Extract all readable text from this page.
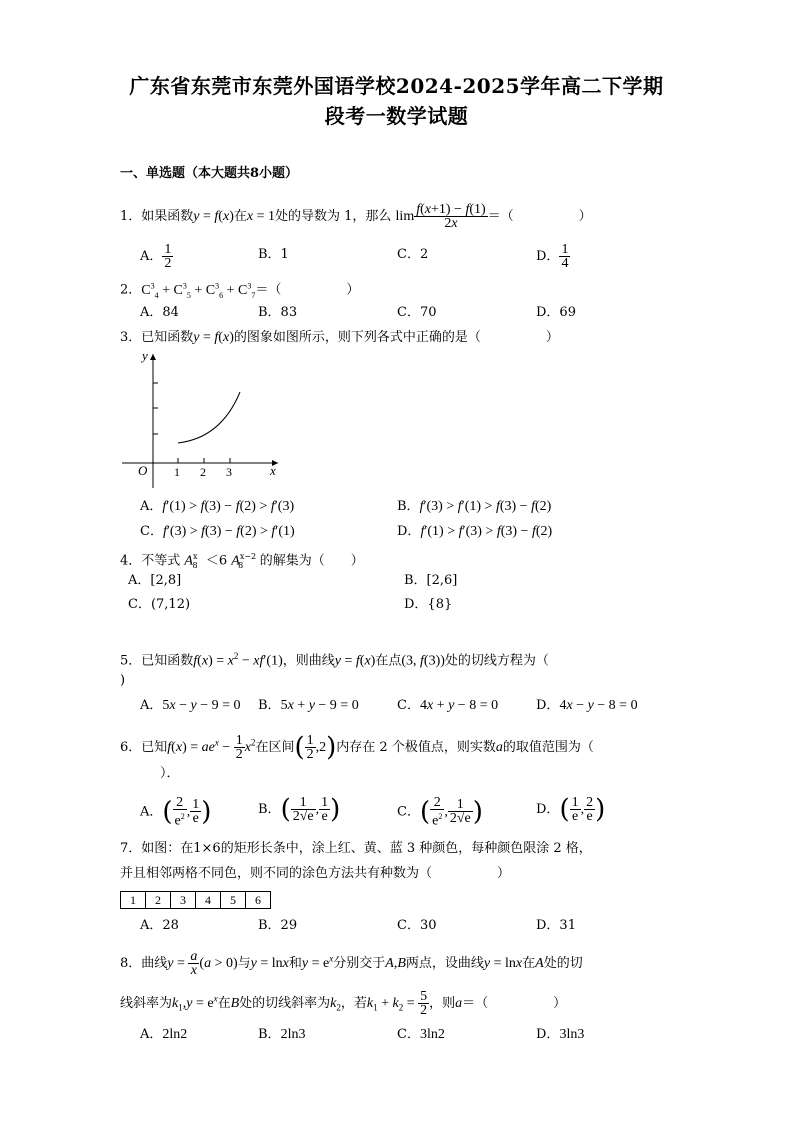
广东省东莞市东莞外国语学校2024-2025学年高二下学期
段考一数学试题
一、单选题（本大题共8小题）
1．如果函数y = f(x)在x = 1处的导数为 1，那么 $\lim \frac{f(x+1) - f(1)}{2x}$ ＝（　　　　　）
A． $\frac{1}{2}$	B．1	C．2	D． $\frac{1}{4}$
2．$C^3_4 + C^3_5 + C^3_6 + C^3_7=$（　　　　　）
A．84	B．83	C．70	D．69
3．已知函数y = f(x)的图象如图所示，则下列各式中正确的是（　　　　　）
O 1 2 3	x
y
A．f′(1) > f(3) − f(2) > f′(3)	B．f′(3) > f′(1) > f(3) − f(2)
C．f′(3) > f(3) − f(2) > f′(1)	D．f′(1) > f′(3) > f(3) − f(2)
4．不等式 $A^x_8 <6$ $A^{x-2}_8$ 的解集为（　　）
A．[2,8]	B．[2,6]
C．(7,12)	D．{8}
5．已知函数$f(x) = x^2 - xf'(1)$，则曲线y = f(x)在点(3, f(3))处的切线方程为（
)
A．5x − y − 9 = 0 B．5x + y − 9 = 0	C．4x + y − 8 = 0	D．4x − y − 8 = 0
6．已知$f(x) = ae^x - \frac{1}{2} x^2$在区间( $\frac{1}{2} ,2$)内存在 2 个极值点，则实数a的取值范围为（
）．
A．( $\frac{2}{e^2}$ , $\frac{1}{e}$ )	B．( $\frac{1}{2√e}$ , $\frac{1}{e}$ )	C．( $\frac{2}{e^2}$ , $\frac{1}{2√e}$ )	D．( $\frac{1}{e}$ , $\frac{2}{e}$ )
7．如图：在1×6的矩形长条中，涂上红、黄、蓝 3 种颜色，每种颜色限涂 2 格，
并且相邻两格不同色，则不同的涂色方法共有种数为（　　　　　）
1	2	3	4	5	6
A．28	B．29	C．30	D．31
8．曲线$y = \frac{a}{x} (a > 0)$与y = lnx和$y = e^x$分别交于A,B两点，设曲线y = lnx在A处的切
线斜率为$k_1,y = e^x$在B处的切线斜率为$k_2$，若$k_1 + k_2 = \frac{5}{2}$ ，则a＝（　　　　　）
A．2ln2	B．2ln3	C．3ln2	D．3ln3
